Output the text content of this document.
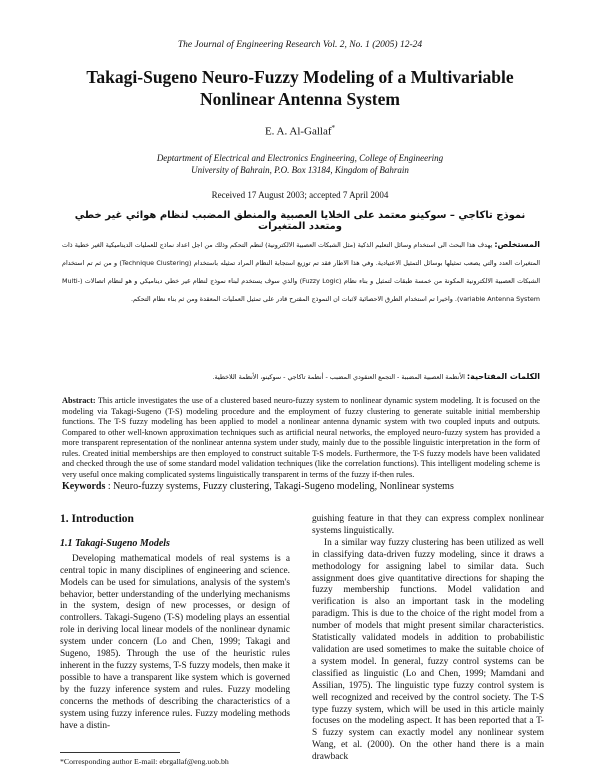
The Journal of Engineering Research Vol. 2, No. 1 (2005) 12-24
Takagi-Sugeno Neuro-Fuzzy Modeling of a Multivariable
Nonlinear Antenna System
E. A. Al-Gallaf*
Deptartment of Electrical and Electronics Engineering, College of Engineering
University of Bahrain, P.O. Box 13184, Kingdom of Bahrain
Received 17 August 2003; accepted 7 April 2004
نموذج تاكاجي – سوكينو معتمد على الخلايا العصبية والمنطق المضبب لنظام هوائي غير خطي ومتعدد المتغيرات
المستخلص: يهدف هذا البحث الى استخدام وسائل التعليم الذكية (مثل الشبكات العصبية الالكترونية) لنظم التحكم وذلك من اجل اعداد نماذج للعمليات الديناميكية الغير خطية ذات المتغيرات العدد والتي يصعب تمثيلها بوسائل التمثيل الاعتيادية. وفي هذا الاطار فقد تم توزيع استجابة النظام المراد تمثيله باستخدام (Technique Clustering) و من ثم تم استخدام الشبكات العصبية الالكترونية المكونة من خمسة طبقات لتمثيل و بناء نظام (Fuzzy Logic) والذي سوف يستخدم لبناء نموذج لنظام غير خطي ديناميكي و هو لنظام اتصالات (Multi-variable Antenna System). واخيرا تم استخدام الطرق الاحصائية لاثبات ان النموذج المقترح قادر على تمثيل العمليات المعقدة ومن ثم بناء نظام التحكم.
الكلمات المفتاحية: الأنظمة العصبية المضببة - التجمع العنقودي المضبب - أنظمة تاكاجي - سوكينو، الأنظمة اللاخطية.
Abstract: This article investigates the use of a clustered based neuro-fuzzy system to nonlinear dynamic system modeling. It is focused on the modeling via Takagi-Sugeno (T-S) modeling procedure and the employment of fuzzy clustering to generate suitable initial membership functions. The T-S fuzzy modeling has been applied to model a nonlinear antenna dynamic system with two coupled inputs and outputs. Compared to other well-known approximation techniques such as artificial neural networks, the employed neuro-fuzzy system has provided a more transparent representation of the nonlinear antenna system under study, mainly due to the possible linguistic interpretation in the form of rules. Created initial memberships are then employed to construct suitable T-S models. Furthermore, the T-S fuzzy models have been validated and checked through the use of some standard model validation techniques (like the correlation functions). This intelligent modeling scheme is very useful once making complicated systems linguistically transparent in terms of the fuzzy if-then rules.
Keywords : Neuro-fuzzy systems, Fuzzy clustering, Takagi-Sugeno modeling, Nonlinear systems
1. Introduction
1.1 Takagi-Sugeno Models

Developing mathematical models of real systems is a central topic in many disciplines of engineering and science. Models can be used for simulations, analysis of the system's behavior, better understanding of the underlying mechanisms in the system, design of new processes, or design of controllers. Takagi-Sugeno (T-S) modeling plays an essential role in deriving local linear models of the nonlinear dynamic system under concern (Lo and Chen, 1999; Takagi and Sugeno, 1985). Through the use of the heuristic rules inherent in the fuzzy systems, T-S fuzzy models, then make it possible to have a transparent like system which is governed by the fuzzy inference system and rules. Fuzzy modeling concerns the methods of describing the characteristics of a system using fuzzy inference rules. Fuzzy modeling methods have a distin-

guishing feature in that they can express complex nonlinear systems linguistically.

In a similar way fuzzy clustering has been utilized as well in classifying data-driven fuzzy modeling, since it draws a methodology for assigning label to similar data. Such assignment does give quantitative directions for shaping the fuzzy membership functions. Model validation and verification is also an important task in the modeling paradigm. This is due to the choice of the right model from a number of models that might present similar characteristics. Statistically validated models in addition to probabilistic validation are used sometimes to make the suitable choice of a system model. In general, fuzzy control systems can be classified as linguistic (Lo and Chen, 1999; Mamdani and Assilian, 1975). The linguistic type fuzzy control system is well recognized and received by the control society. The T-S type fuzzy system, which will be used in this article mainly focuses on the modeling aspect. It has been reported that a T-S fuzzy system can exactly model any nonlinear system Wang, et al. (2000). On the other hand there is a main drawback

*Corresponding author E-mail: ebrgallaf@eng.uob.bh
